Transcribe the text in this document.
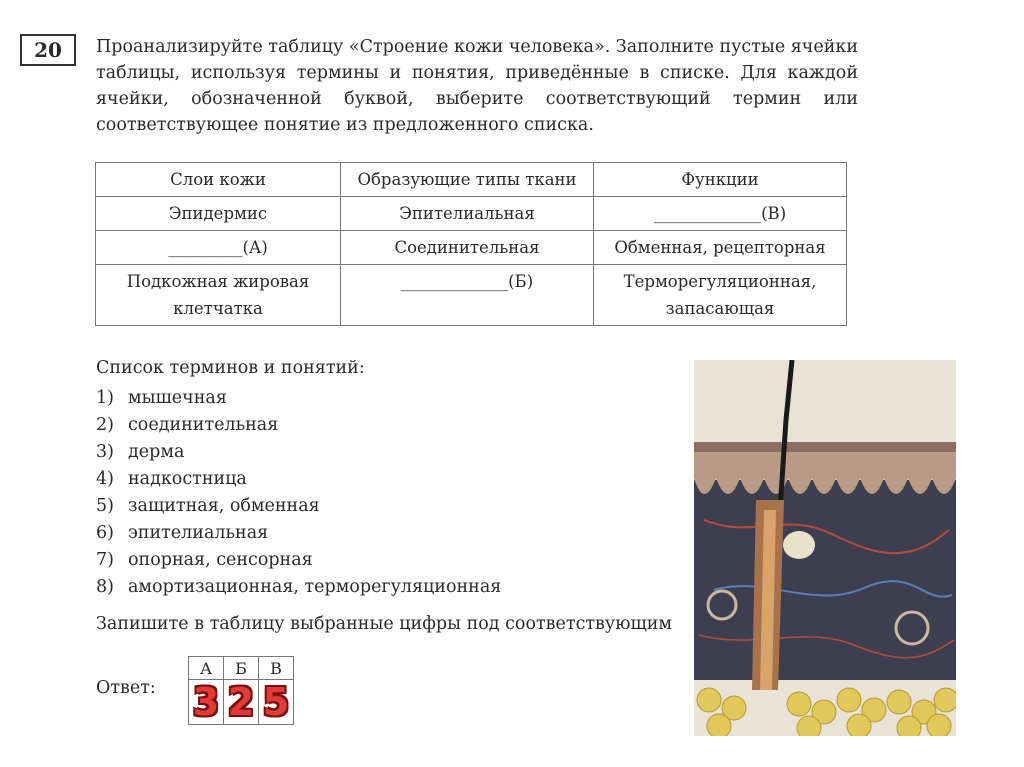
20	Проанализируйте таблицу «Строение кожи человека». Заполните пустые ячейки таблицы, используя термины и понятия, приведённые в списке. Для каждой ячейки, обозначенной буквой, выберите соответствующий термин или соответствующее понятие из предложенного списка.
Слои кожи	Образующие типы ткани	Функции
Эпидермис	Эпителиальная	_____________(В)
_________(А)	Соединительная	Обменная, рецепторная
Подкожная жировая клетчатка	_____________(Б)	Терморегуляционная, запасающая
Список терминов и понятий:
1) мышечная
2) соединительная
3) дерма
4) надкостница
5) защитная, обменная
6) эпителиальная
7) опорная, сенсорная
8) амортизационная, терморегуляционная
Запишите в таблицу выбранные цифры под соответствующим
Ответ:
А	Б	В
3	2	5
